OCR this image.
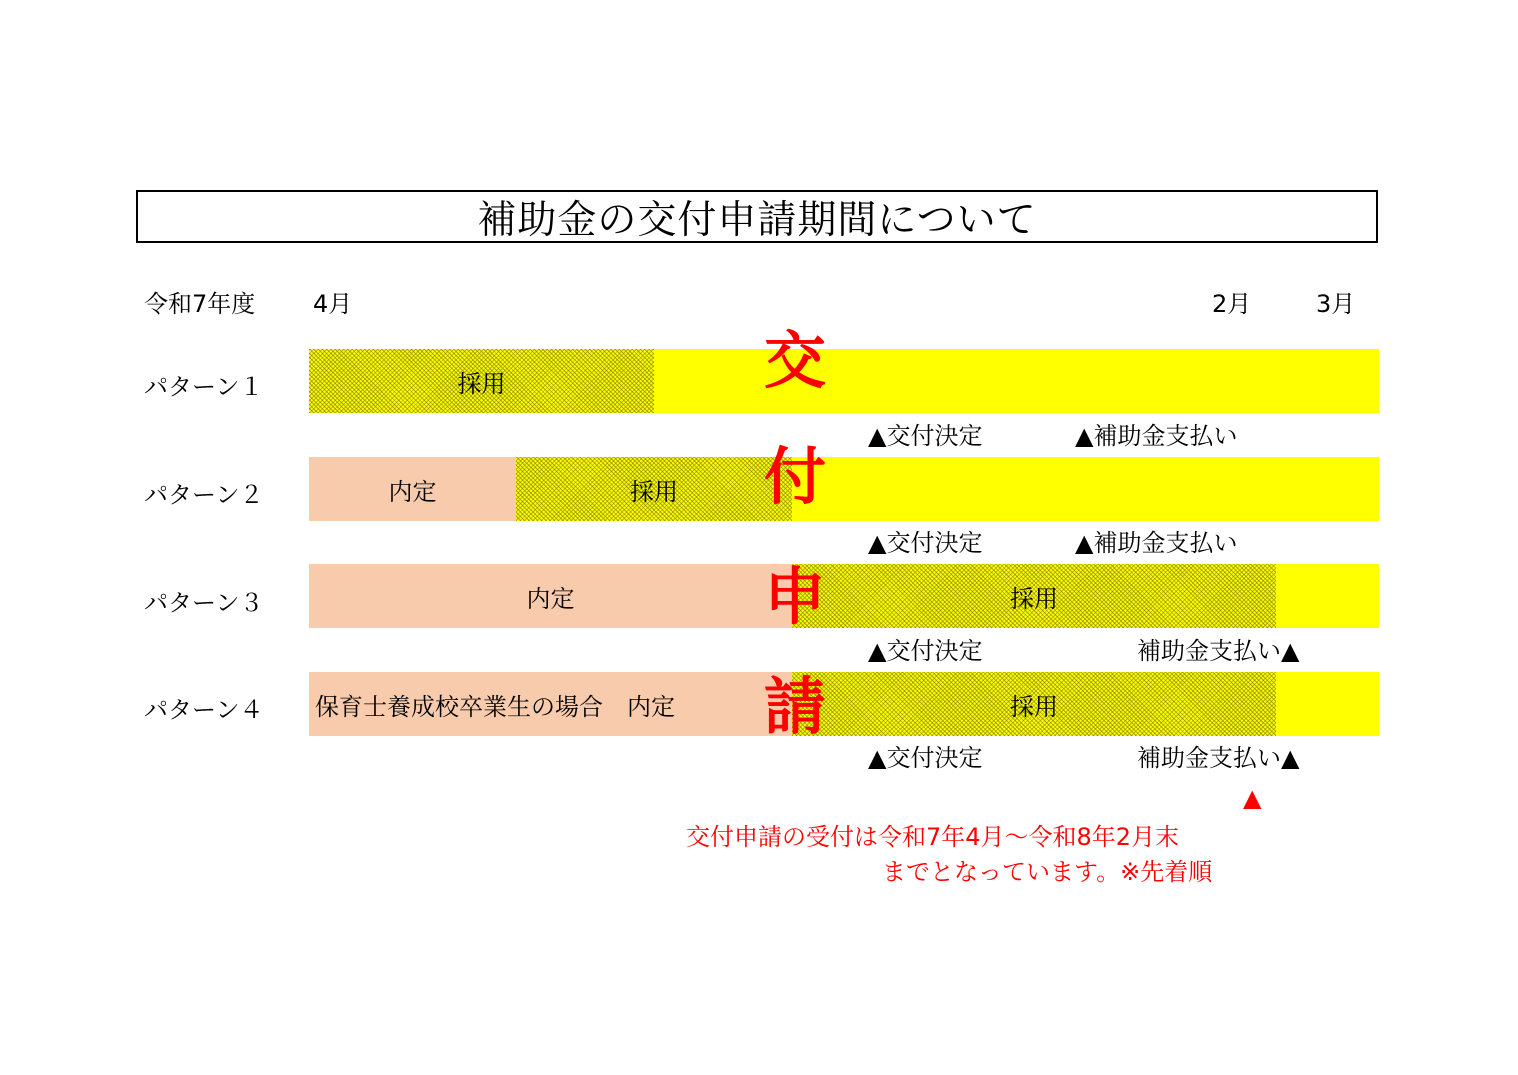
補助金の交付申請期間について
令和7年度 4月	2月	3月
パターン１	採用
▲交付決定	▲補助金支払い
パターン２	内定	採用
▲交付決定	▲補助金支払い
パターン３	内定	採用
▲交付決定	補助金支払い▲
パターン４ 保育士養成校卒業生の場合　内定	採用
▲交付決定	補助金支払い▲
交
付
申
請
▲
交付申請の受付は令和7年4月～令和8年2月末
までとなっています。※先着順
